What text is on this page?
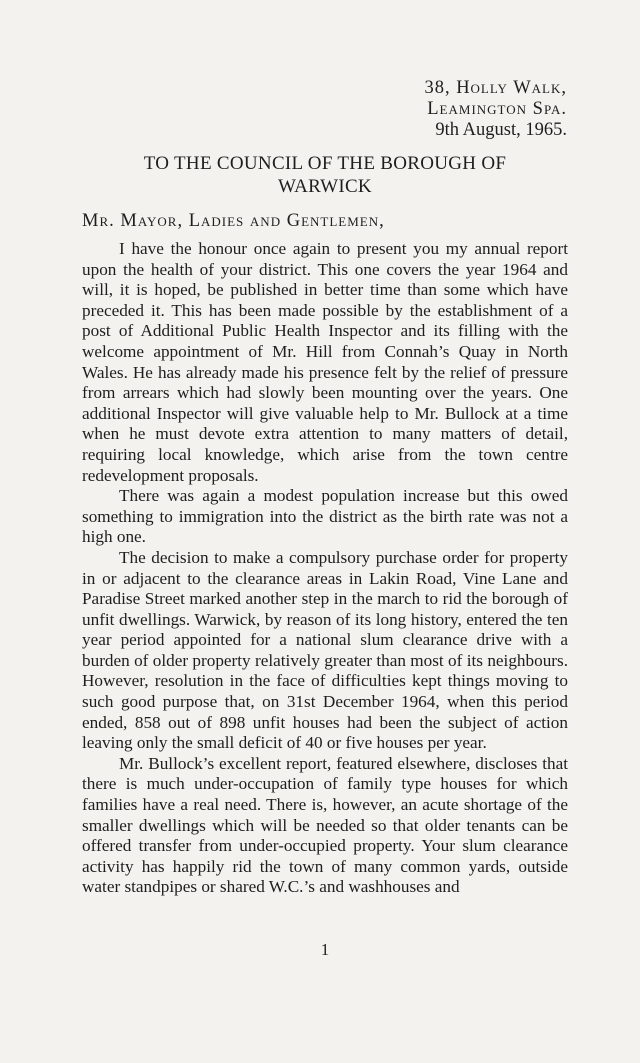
38, Holly Walk,
Leamington Spa.
9th August, 1965.
TO THE COUNCIL OF THE BOROUGH OF
WARWICK
Mr. Mayor, Ladies and Gentlemen,

I have the honour once again to present you my annual report upon the health of your district. This one covers the year 1964 and will, it is hoped, be published in better time than some which have preceded it. This has been made possible by the establishment of a post of Additional Public Health Inspector and its filling with the welcome appointment of Mr. Hill from Connah’s Quay in North Wales. He has already made his presence felt by the relief of pressure from arrears which had slowly been mounting over the years. One additional Inspector will give valuable help to Mr. Bullock at a time when he must devote extra attention to many matters of detail, requiring local knowledge, which arise from the town centre redevelopment proposals.

There was again a modest population increase but this owed something to immigration into the district as the birth rate was not a high one.

The decision to make a compulsory purchase order for property in or adjacent to the clearance areas in Lakin Road, Vine Lane and Paradise Street marked another step in the march to rid the borough of unfit dwellings. Warwick, by reason of its long history, entered the ten year period appointed for a national slum clearance drive with a burden of older property relatively greater than most of its neighbours. However, resolution in the face of difficulties kept things moving to such good purpose that, on 31st December 1964, when this period ended, 858 out of 898 unfit houses had been the subject of action leaving only the small deficit of 40 or five houses per year.

Mr. Bullock’s excellent report, featured elsewhere, discloses that there is much under-occupation of family type houses for which families have a real need. There is, however, an acute shortage of the smaller dwellings which will be needed so that older tenants can be offered transfer from under-occupied property. Your slum clearance activity has happily rid the town of many common yards, outside water standpipes or shared W.C.’s and washhouses and

1
